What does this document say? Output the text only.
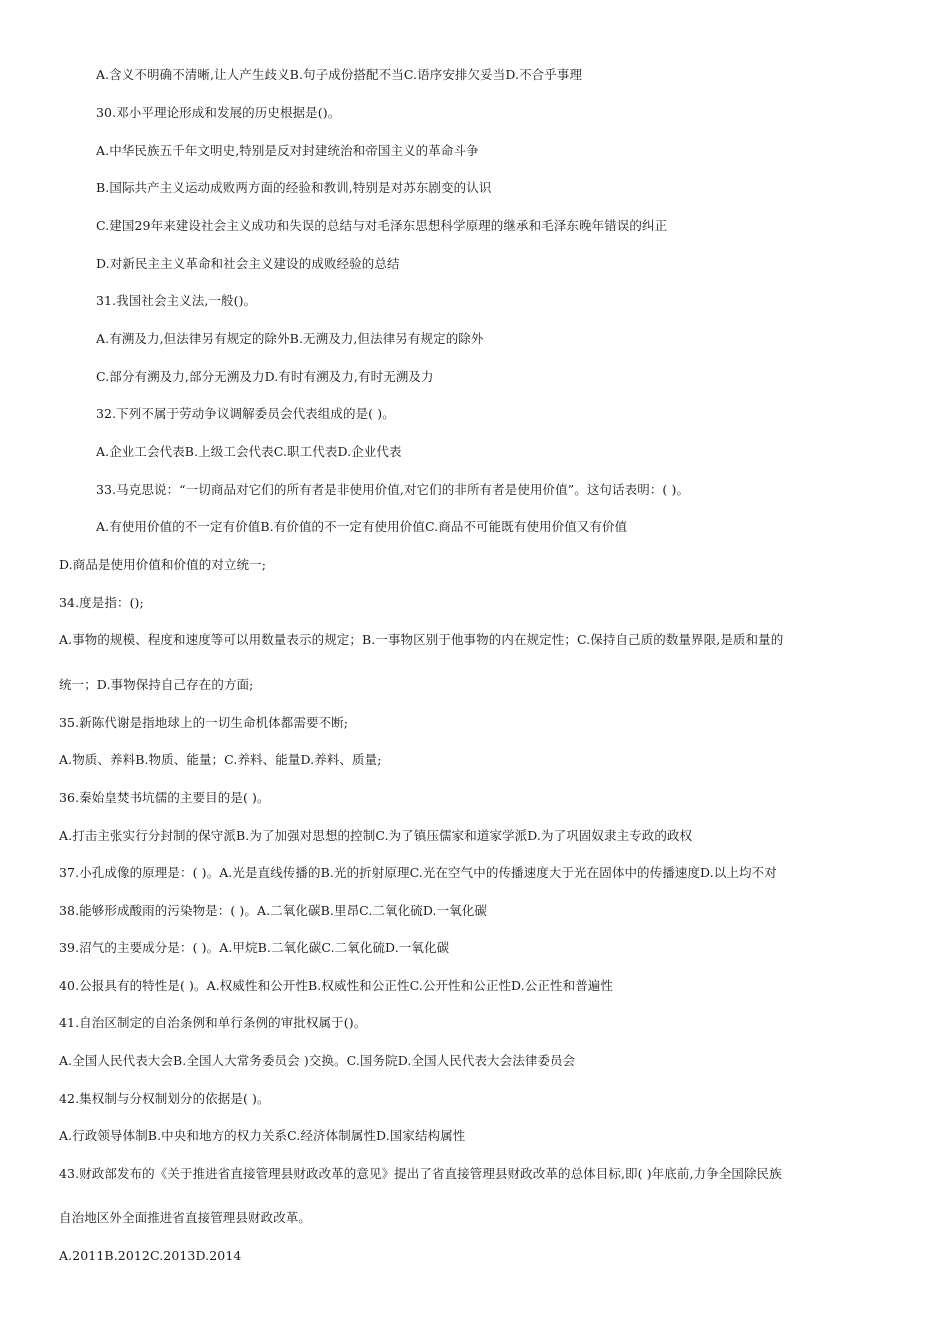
A.含义不明确不清晰,让人产生歧义B.句子成份搭配不当C.语序安排欠妥当D.不合乎事理
30.邓小平理论形成和发展的历史根据是()。
A.中华民族五千年文明史,特别是反对封建统治和帝国主义的革命斗争
B.国际共产主义运动成败两方面的经验和教训,特别是对苏东剧变的认识
C.建国29年来建设社会主义成功和失误的总结与对毛泽东思想科学原理的继承和毛泽东晚年错误的纠正
D.对新民主主义革命和社会主义建设的成败经验的总结
31.我国社会主义法,一般()。
A.有溯及力,但法律另有规定的除外B.无溯及力,但法律另有规定的除外
C.部分有溯及力,部分无溯及力D.有时有溯及力,有时无溯及力
32.下列不属于劳动争议调解委员会代表组成的是( )。
A.企业工会代表B.上级工会代表C.职工代表D.企业代表
33.马克思说：“一切商品对它们的所有者是非使用价值,对它们的非所有者是使用价值”。这句话表明：( )。
A.有使用价值的不一定有价值B.有价值的不一定有使用价值C.商品不可能既有使用价值又有价值
D.商品是使用价值和价值的对立统一;
34.度是指：();
A.事物的规模、程度和速度等可以用数量表示的规定；B.一事物区别于他事物的内在规定性；C.保持自己质的数量界限,是质和量的
统一；D.事物保持自己存在的方面;
35.新陈代谢是指地球上的一切生命机体都需要不断;
A.物质、养料B.物质、能量；C.养料、能量D.养料、质量;
36.秦始皇焚书坑儒的主要目的是( )。
A.打击主张实行分封制的保守派B.为了加强对思想的控制C.为了镇压儒家和道家学派D.为了巩固奴隶主专政的政权
37.小孔成像的原理是：( )。A.光是直线传播的B.光的折射原理C.光在空气中的传播速度大于光在固体中的传播速度D.以上均不对
38.能够形成酸雨的污染物是：( )。A.二氧化碳B.里昂C.二氧化硫D.一氧化碳
39.沼气的主要成分是：( )。A.甲烷B.二氧化碳C.二氧化硫D.一氧化碳
40.公报具有的特性是( )。A.权威性和公开性B.权威性和公正性C.公开性和公正性D.公正性和普遍性
41.自治区制定的自治条例和单行条例的审批权属于()。
A.全国人民代表大会B.全国人大常务委员会 )交换。C.国务院D.全国人民代表大会法律委员会
42.集权制与分权制划分的依据是( )。
A.行政领导体制B.中央和地方的权力关系C.经济体制属性D.国家结构属性
43.财政部发布的《关于推进省直接管理县财政改革的意见》提出了省直接管理县财政改革的总体目标,即( )年底前,力争全国除民族
自治地区外全面推进省直接管理县财政改革。
A.2011B.2012C.2013D.2014
